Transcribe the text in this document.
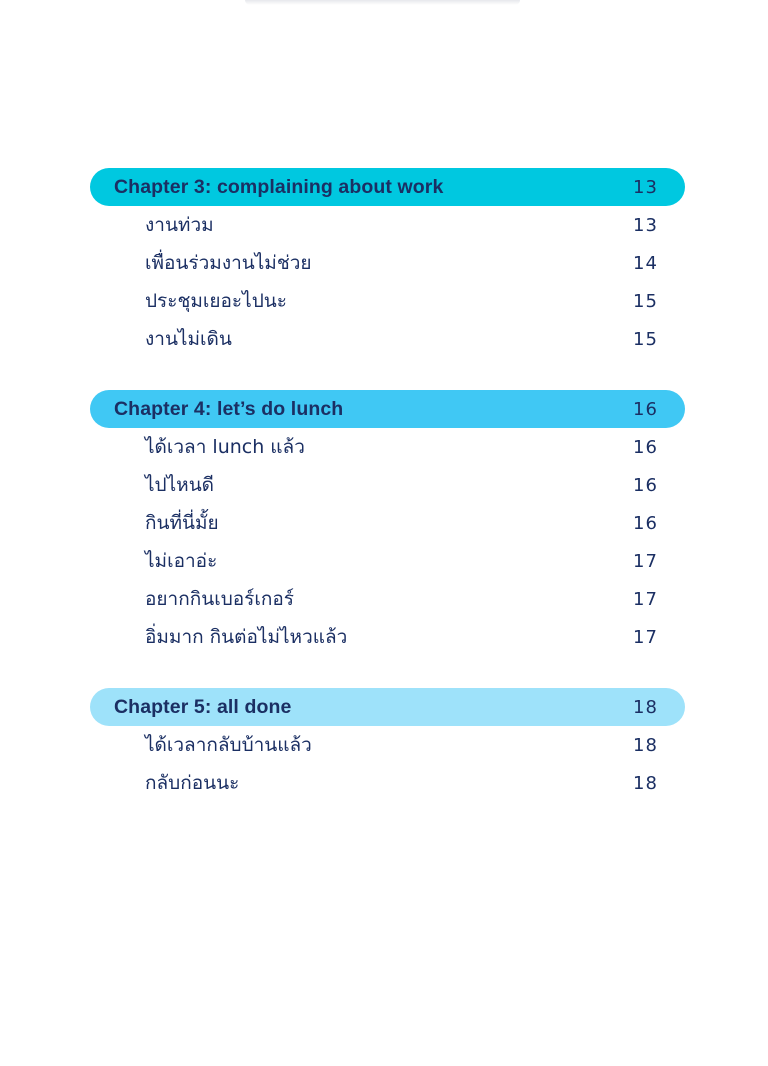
Chapter 3: complaining about work	13
งานท่วม	13
เพื่อนร่วมงานไม่ช่วย	14
ประชุมเยอะไปนะ	15
งานไม่เดิน	15
Chapter 4: let’s do lunch	16
ได้เวลา lunch แล้ว	16
ไปไหนดี	16
กินที่นี่มั้ย	16
ไม่เอาอ่ะ	17
อยากกินเบอร์เกอร์	17
อิ่มมาก กินต่อไม่ไหวแล้ว	17
Chapter 5: all done	18
ได้เวลากลับบ้านแล้ว	18
กลับก่อนนะ	18
